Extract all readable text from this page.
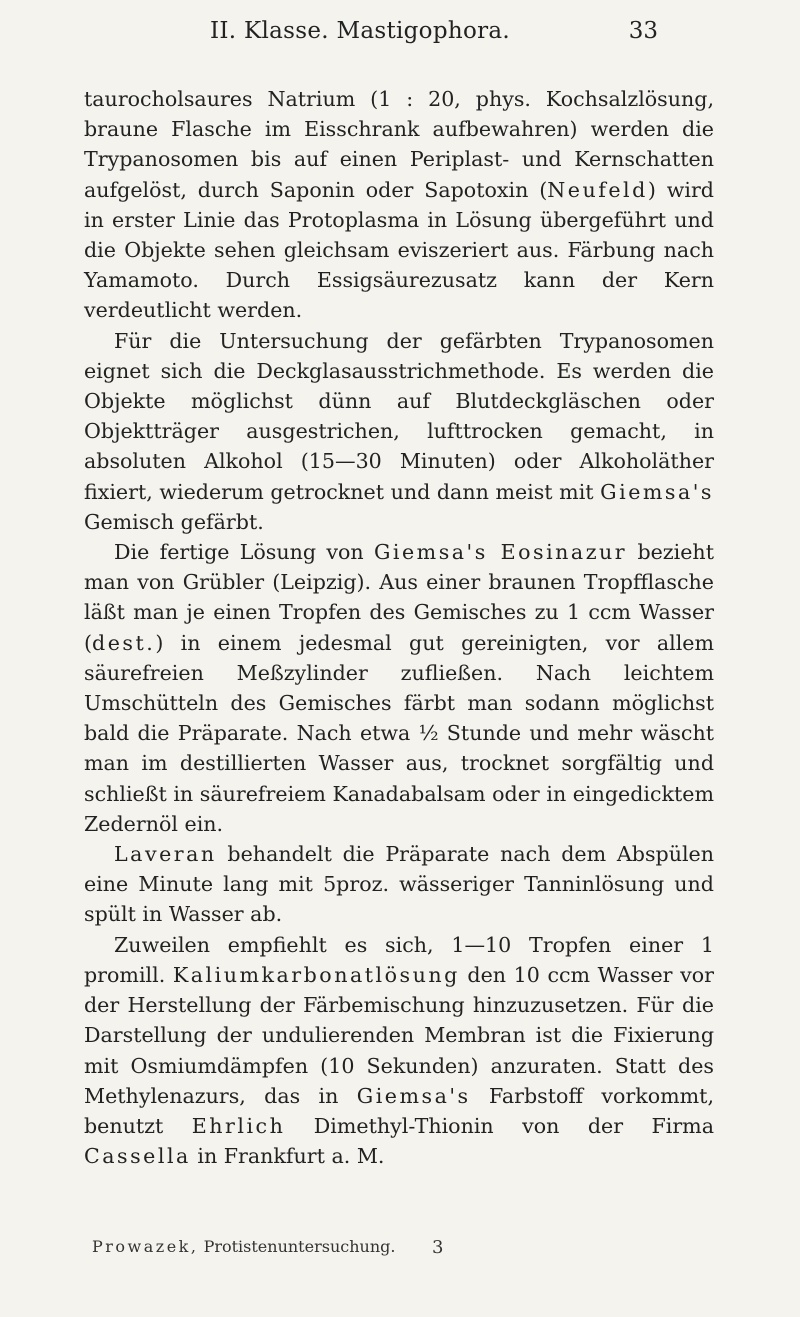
II. Klasse. Mastigophora.	33

taurocholsaures Natrium (1 : 20, phys. Kochsalzlösung, braune Flasche im Eisschrank aufbewahren) werden die Trypanosomen bis auf einen Periplast- und Kernschatten aufgelöst, durch Saponin oder Sapotoxin (Neufeld) wird in erster Linie das Protoplasma in Lösung übergeführt und die Objekte sehen gleichsam eviszeriert aus. Färbung nach Yamamoto. Durch Essigsäurezusatz kann der Kern verdeutlicht werden.

Für die Untersuchung der gefärbten Trypanosomen eignet sich die Deckglasausstrichmethode. Es werden die Objekte möglichst dünn auf Blutdeckgläschen oder Objektträger ausgestrichen, lufttrocken gemacht, in absoluten Alkohol (15—30 Minuten) oder Alkoholäther fixiert, wiederum getrocknet und dann meist mit Giemsa's Gemisch gefärbt.

Die fertige Lösung von Giemsa's Eosinazur bezieht man von Grübler (Leipzig). Aus einer braunen Tropfflasche läßt man je einen Tropfen des Gemisches zu 1 ccm Wasser (dest.) in einem jedesmal gut gereinigten, vor allem säurefreien Meßzylinder zufließen. Nach leichtem Umschütteln des Gemisches färbt man sodann möglichst bald die Präparate. Nach etwa ½ Stunde und mehr wäscht man im destillierten Wasser aus, trocknet sorgfältig und schließt in säurefreiem Kanadabalsam oder in eingedicktem Zedernöl ein.

Laveran behandelt die Präparate nach dem Abspülen eine Minute lang mit 5proz. wässeriger Tanninlösung und spült in Wasser ab.

Zuweilen empfiehlt es sich, 1—10 Tropfen einer 1 promill. Kaliumkarbonatlösung den 10 ccm Wasser vor der Herstellung der Färbemischung hinzuzusetzen. Für die Darstellung der undulierenden Membran ist die Fixierung mit Osmiumdämpfen (10 Sekunden) anzuraten. Statt des Methylenazurs, das in Giemsa's Farbstoff vorkommt, benutzt Ehrlich Dimethyl-Thionin von der Firma Cassella in Frankfurt a. M.

Prowazek, Protistenuntersuchung. 3
